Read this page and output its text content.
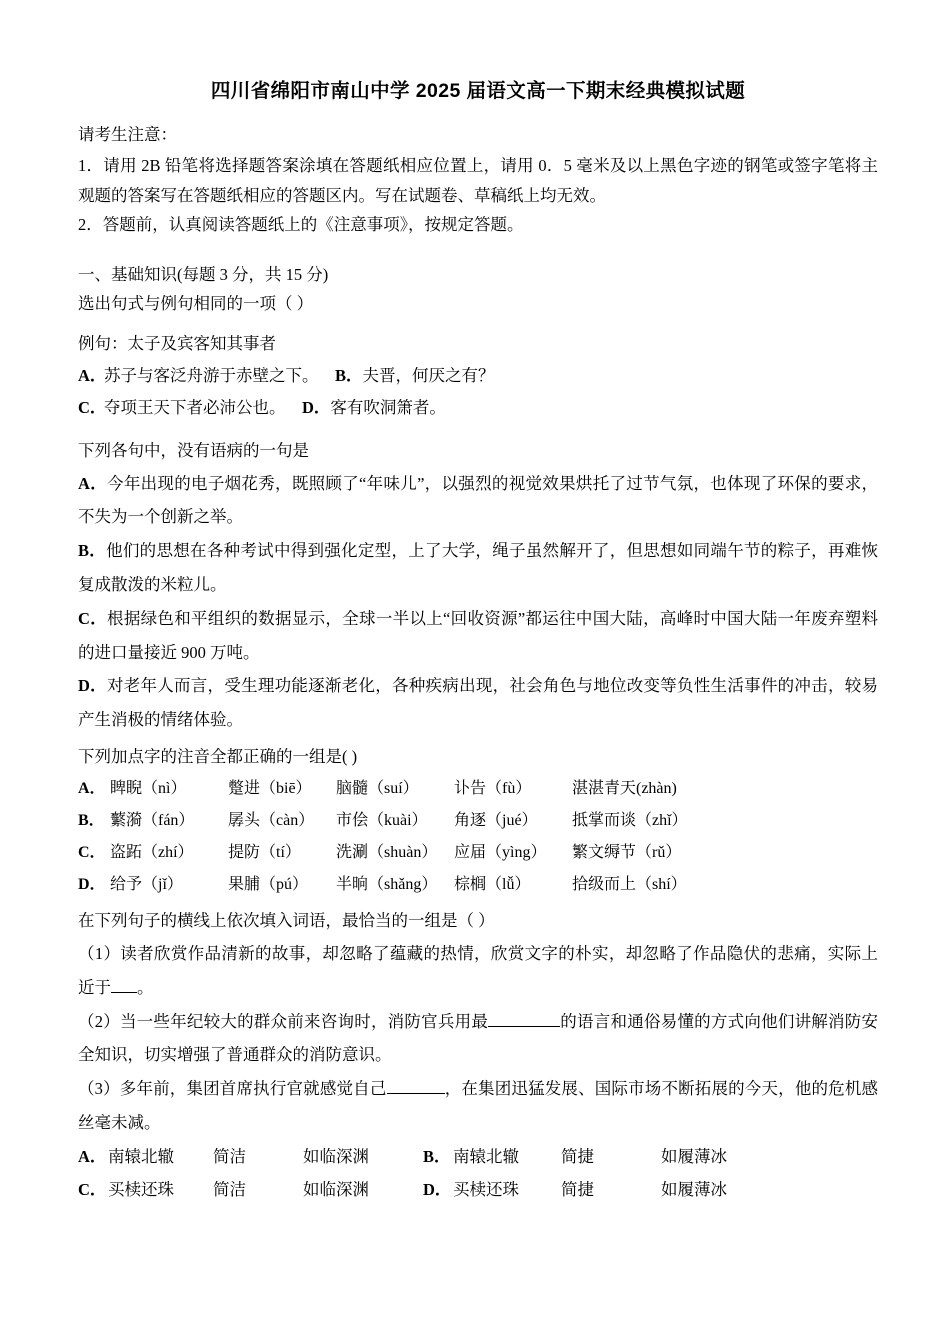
四川省绵阳市南山中学 2025 届语文高一下期末经典模拟试题

请考生注意：

1．请用 2B 铅笔将选择题答案涂填在答题纸相应位置上，请用 0．5 毫米及以上黑色字迹的钢笔或签字笔将主观题的答案写在答题纸相应的答题区内。写在试题卷、草稿纸上均无效。

2．答题前，认真阅读答题纸上的《注意事项》，按规定答题。

一、基础知识(每题 3 分，共 15 分)

选出句式与例句相同的一项（ ）

例句：太子及宾客知其事者

A．苏子与客泛舟游于赤壁之下。 B．夫晋，何厌之有？

C．夺项王天下者必沛公也。 D．客有吹洞箫者。

下列各句中，没有语病的一句是

A．今年出现的电子烟花秀，既照顾了“年味儿”，以强烈的视觉效果烘托了过节气氛，也体现了环保的要求，不失为一个创新之举。

B．他们的思想在各种考试中得到强化定型，上了大学，绳子虽然解开了，但思想如同端午节的粽子，再难恢复成散泼的米粒儿。

C．根据绿色和平组织的数据显示，全球一半以上“回收资源”都运往中国大陆，高峰时中国大陆一年废弃塑料的进口量接近 900 万吨。

D．对老年人而言，受生理功能逐渐老化，各种疾病出现，社会角色与地位改变等负性生活事件的冲击，较易产生消极的情绪体验。

下列加点字的注音全都正确的一组是( )

A． 睥睨（nì）	蹩进（biē） 脑髓（suí） 讣告（fù）	湛湛青天(zhàn)

B． 蘩漪（fán） 孱头（càn） 市侩（kuài） 角逐（jué） 抵掌而谈（zhǐ）

C． 盗跖（zhí） 提防（tí） 洗涮（shuàn） 应届（yìng） 繁文缛节（rǔ）

D． 给予（jǐ）	果脯（pú） 半晌（shǎng） 棕榈（lǚ）	拾级而上（shí）

在下列句子的横线上依次填入词语，最恰当的一组是（ ）

（1）读者欣赏作品清新的故事，却忽略了蕴藏的热情，欣赏文字的朴实，却忽略了作品隐伏的悲痛，实际上近于 。

（2）当一些年纪较大的群众前来咨询时，消防官兵用最	的语言和通俗易懂的方式向他们讲解消防安全知识，切实增强了普通群众的消防意识。

（3）多年前，集团首席执行官就感觉自己	，在集团迅猛发展、国际市场不断拓展的今天，他的危机感丝毫未减。

A．南辕北辙 简洁	如临深渊	B． 南辕北辙	简捷	如履薄冰

C．买椟还珠 简洁	如临深渊	D．买椟还珠	简捷	如履薄冰
